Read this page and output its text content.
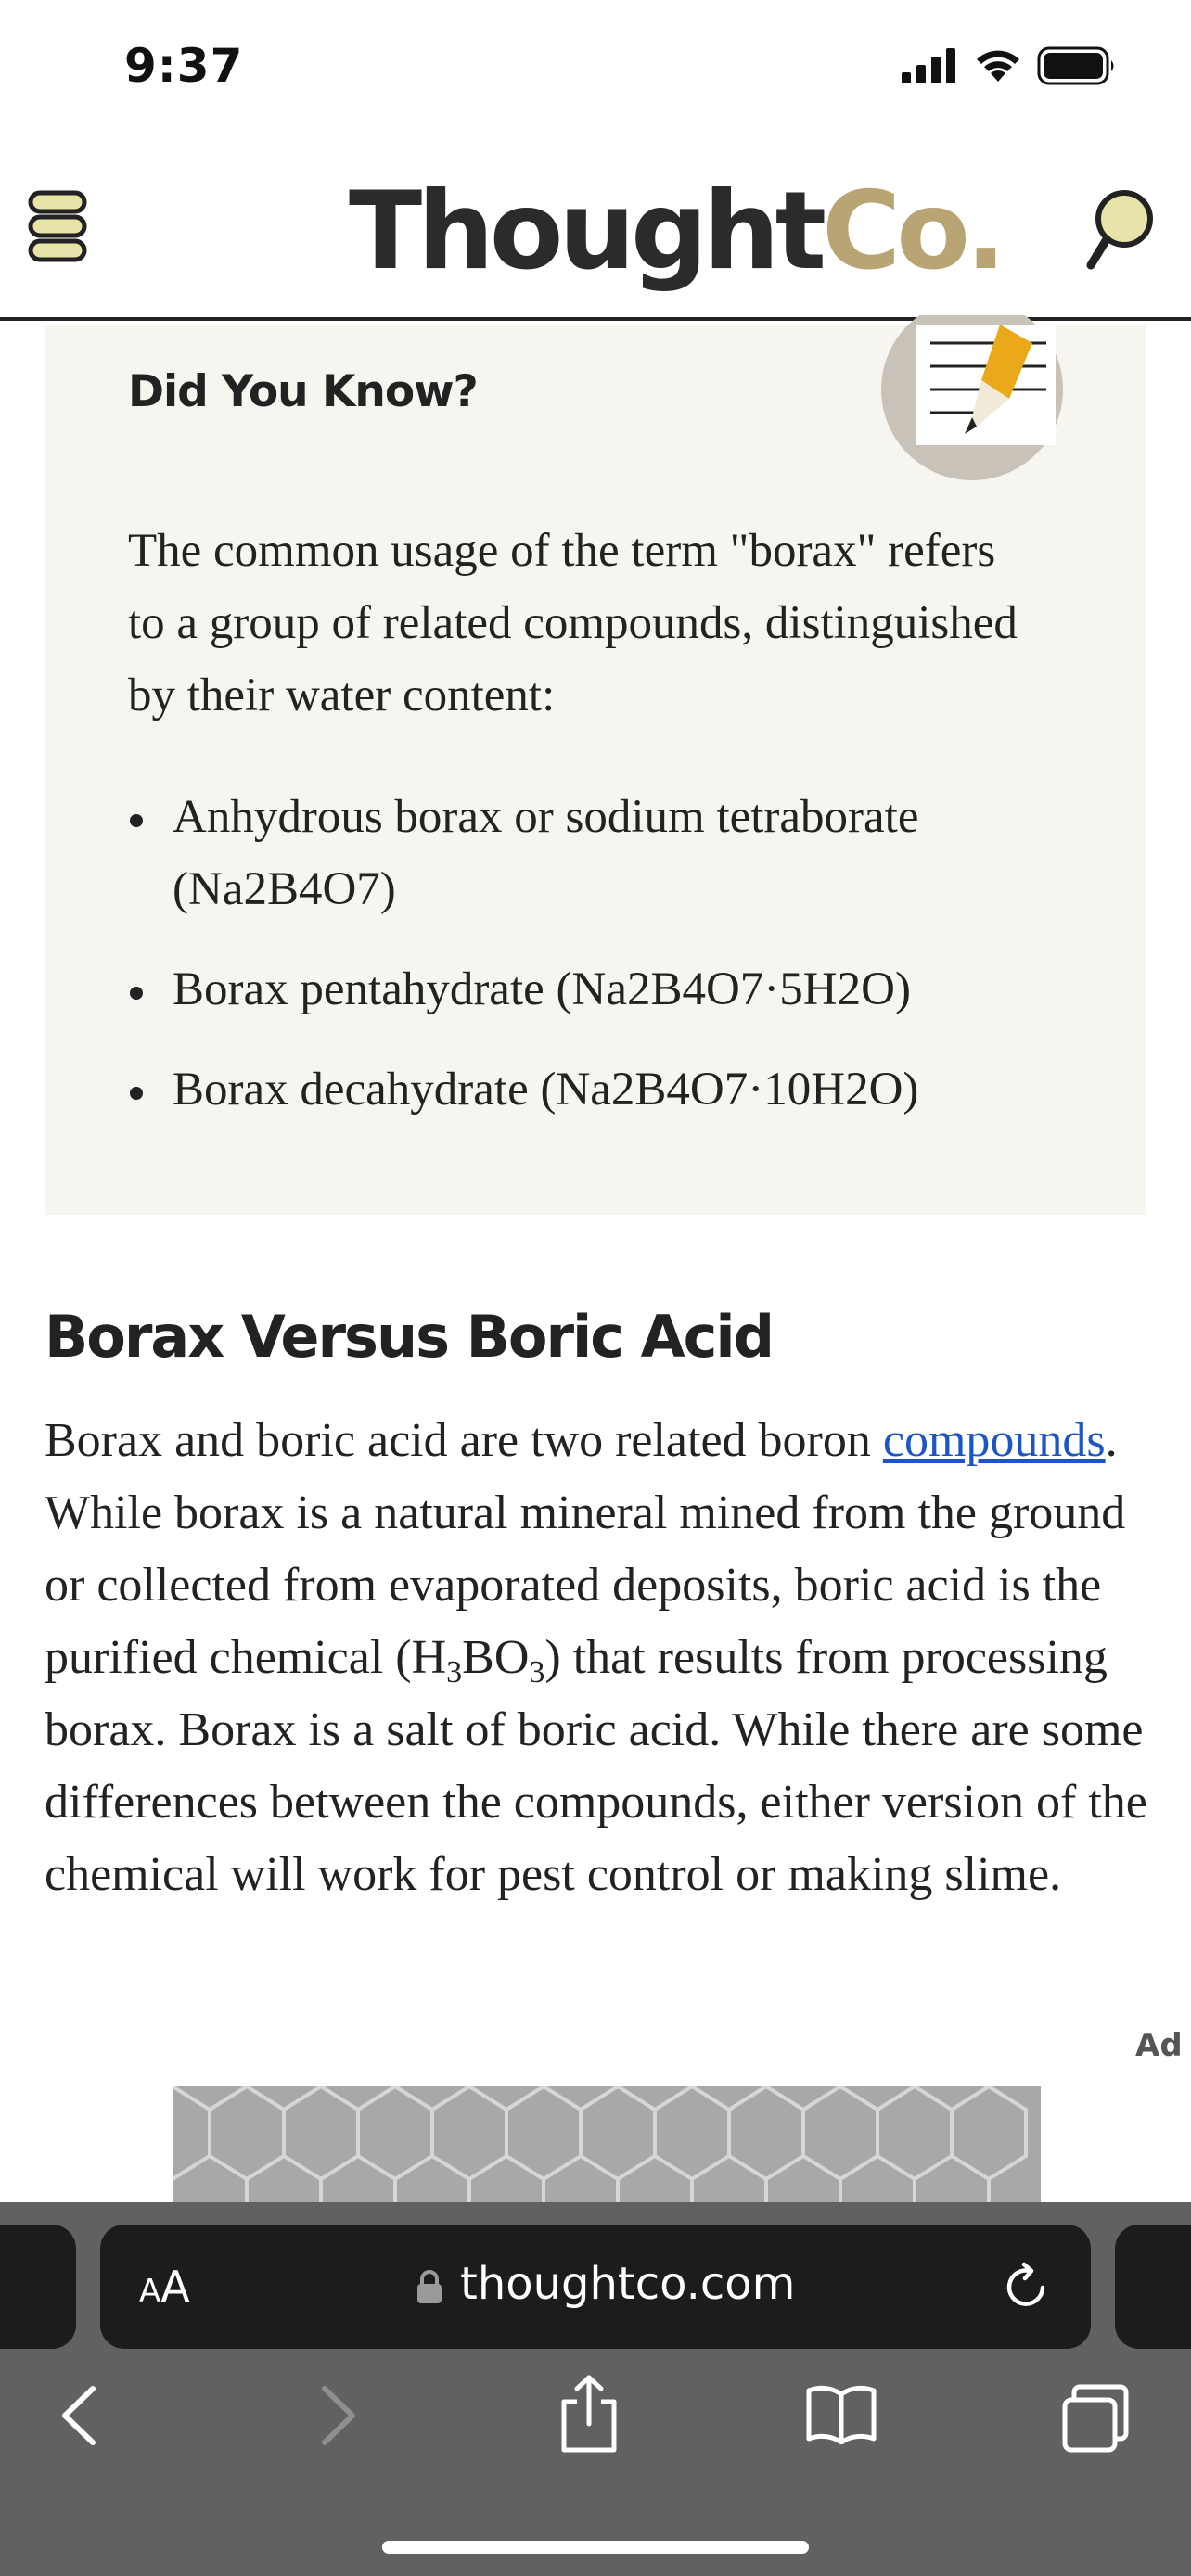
9:37
ThoughtCo.
Did You Know?

The common usage of the term "borax" refers to a group of related compounds, distinguished by their water content:

Anhydrous borax or sodium tetraborate (Na2B4O7)
Borax pentahydrate (Na2B4O7·5H2O)
Borax decahydrate (Na2B4O7·10H2O)
Borax Versus Boric Acid

Borax and boric acid are two related boron compounds. While borax is a natural mineral mined from the ground or collected from evaporated deposits, boric acid is the purified chemical $(H_3BO_3)$ that results from processing borax. Borax is a salt of boric acid. While there are some differences between the compounds, either version of the chemical will work for pest control or making slime.

Ad
AA	thoughtco.com
